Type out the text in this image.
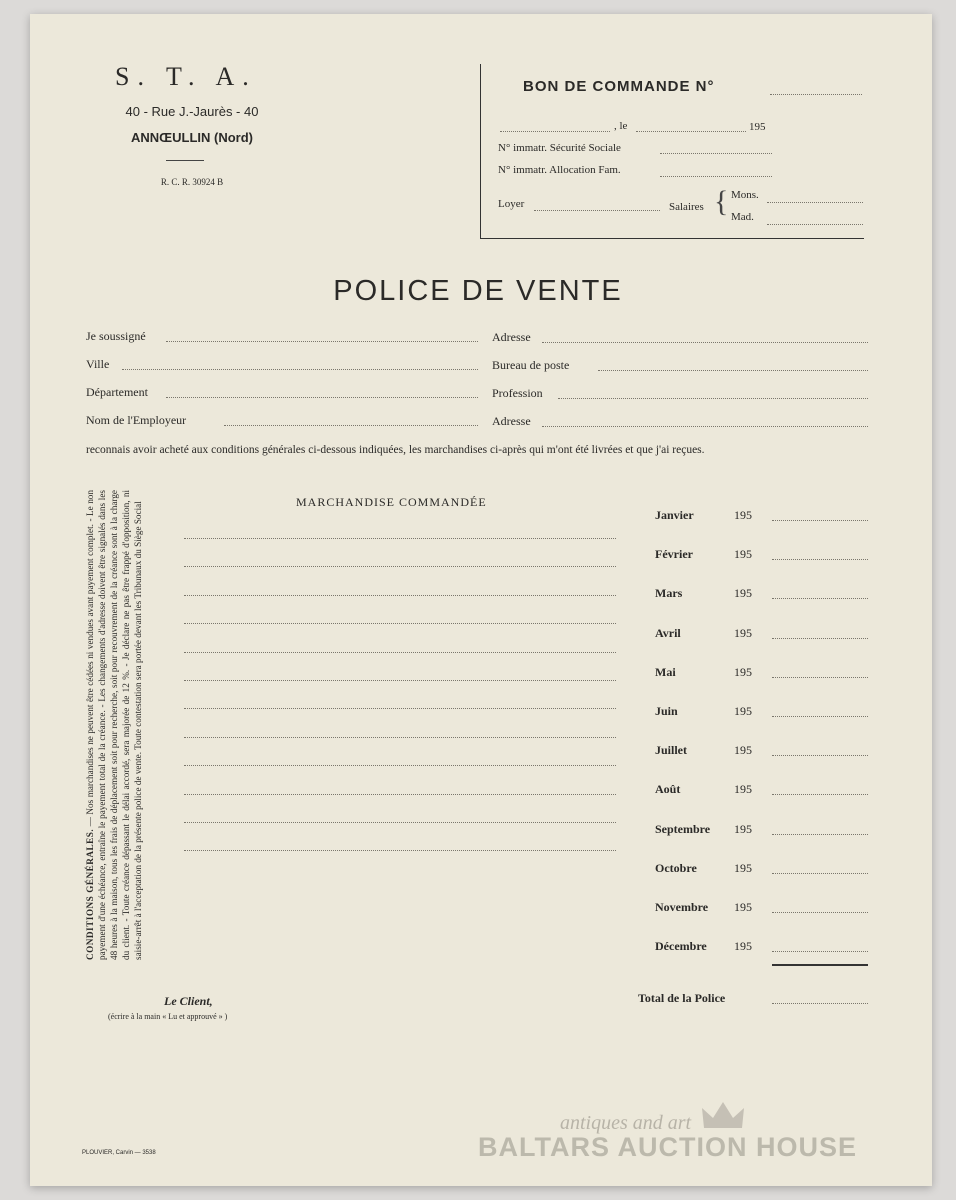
S. T. A.
40 - Rue J.-Jaurès - 40
ANNŒULLIN (Nord)
R. C. R. 30924 B
BON DE COMMANDE N°
, le	195
N° immatr. Sécurité Sociale
N° immatr. Allocation Fam.
Loyer	Salaires { Mons.
Mad.
POLICE DE VENTE
Je soussigné	Adresse
Ville	Bureau de poste
Département	Profession
Nom de l'Employeur	Adresse
reconnais avoir acheté aux conditions générales ci-dessous indiquées, les marchandises ci-après qui m'ont été livrées et que j'ai reçues.
MARCHANDISE COMMANDÉE
CONDITIONS GÉNÉRALES. — Nos marchandises ne peuvent être cédées ni vendues avant payement complet. - Le non payement d'une échéance, entraîne le payement total de la créance. - Les changements d'adresse doivent être signalés dans les 48 heures à la maison, tous les frais de déplacement soit pour recherche, soit pour recouvrement de la créance sont à la charge du client. - Toute créance dépassant le délai accordé, sera majorée de 12 %. - Je déclare ne pas être frappé d'opposition, ni saisie-arrêt à l'acceptation de la présente police de vente. Toute contestation sera portée devant les Tribunaux du Siège Social	Janvier	195
Février	195
Mars	195
Avril	195
Mai	195
Juin	195
Juillet	195
Août	195
Septembre 195
Octobre	195
Novembre 195
Décembre 195
Le Client,
(écrire à la main « Lu et approuvé » )
Total de la Police
PLOUVIER, Carvin — 3538
antiques and art
BALTARS AUCTION HOUSE
